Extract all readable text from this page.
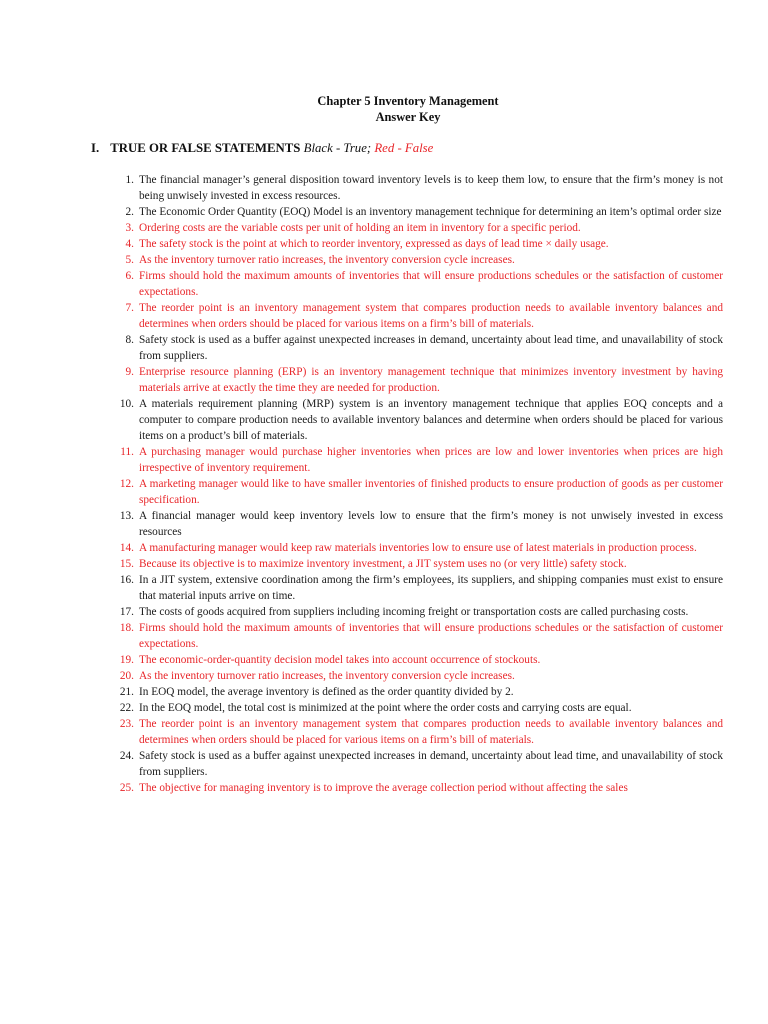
Chapter 5 Inventory Management
Answer Key
I. TRUE OR FALSE STATEMENTS Black - True; Red - False
1. The financial manager’s general disposition toward inventory levels is to keep them low, to ensure that the firm’s money is not being unwisely invested in excess resources.
2. The Economic Order Quantity (EOQ) Model is an inventory management technique for determining an item’s optimal order size
3. Ordering costs are the variable costs per unit of holding an item in inventory for a specific period.
4. The safety stock is the point at which to reorder inventory, expressed as days of lead time × daily usage.
5. As the inventory turnover ratio increases, the inventory conversion cycle increases.
6. Firms should hold the maximum amounts of inventories that will ensure productions schedules or the satisfaction of customer expectations.
7. The reorder point is an inventory management system that compares production needs to available inventory balances and determines when orders should be placed for various items on a firm’s bill of materials.
8. Safety stock is used as a buffer against unexpected increases in demand, uncertainty about lead time, and unavailability of stock from suppliers.
9. Enterprise resource planning (ERP) is an inventory management technique that minimizes inventory investment by having materials arrive at exactly the time they are needed for production.
10. A materials requirement planning (MRP) system is an inventory management technique that applies EOQ concepts and a computer to compare production needs to available inventory balances and determine when orders should be placed for various items on a product’s bill of materials.
11. A purchasing manager would purchase higher inventories when prices are low and lower inventories when prices are high irrespective of inventory requirement.
12. A marketing manager would like to have smaller inventories of finished products to ensure production of goods as per customer specification.
13. A financial manager would keep inventory levels low to ensure that the firm’s money is not unwisely invested in excess resources
14. A manufacturing manager would keep raw materials inventories low to ensure use of latest materials in production process.
15. Because its objective is to maximize inventory investment, a JIT system uses no (or very little) safety stock.
16. In a JIT system, extensive coordination among the firm’s employees, its suppliers, and shipping companies must exist to ensure that material inputs arrive on time.
17. The costs of goods acquired from suppliers including incoming freight or transportation costs are called purchasing costs.
18. Firms should hold the maximum amounts of inventories that will ensure productions schedules or the satisfaction of customer expectations.
19. The economic-order-quantity decision model takes into account occurrence of stockouts.
20. As the inventory turnover ratio increases, the inventory conversion cycle increases.
21. In EOQ model, the average inventory is defined as the order quantity divided by 2.
22. In the EOQ model, the total cost is minimized at the point where the order costs and carrying costs are equal.
23. The reorder point is an inventory management system that compares production needs to available inventory balances and determines when orders should be placed for various items on a firm’s bill of materials.
24. Safety stock is used as a buffer against unexpected increases in demand, uncertainty about lead time, and unavailability of stock from suppliers.
25. The objective for managing inventory is to improve the average collection period without affecting the sales
